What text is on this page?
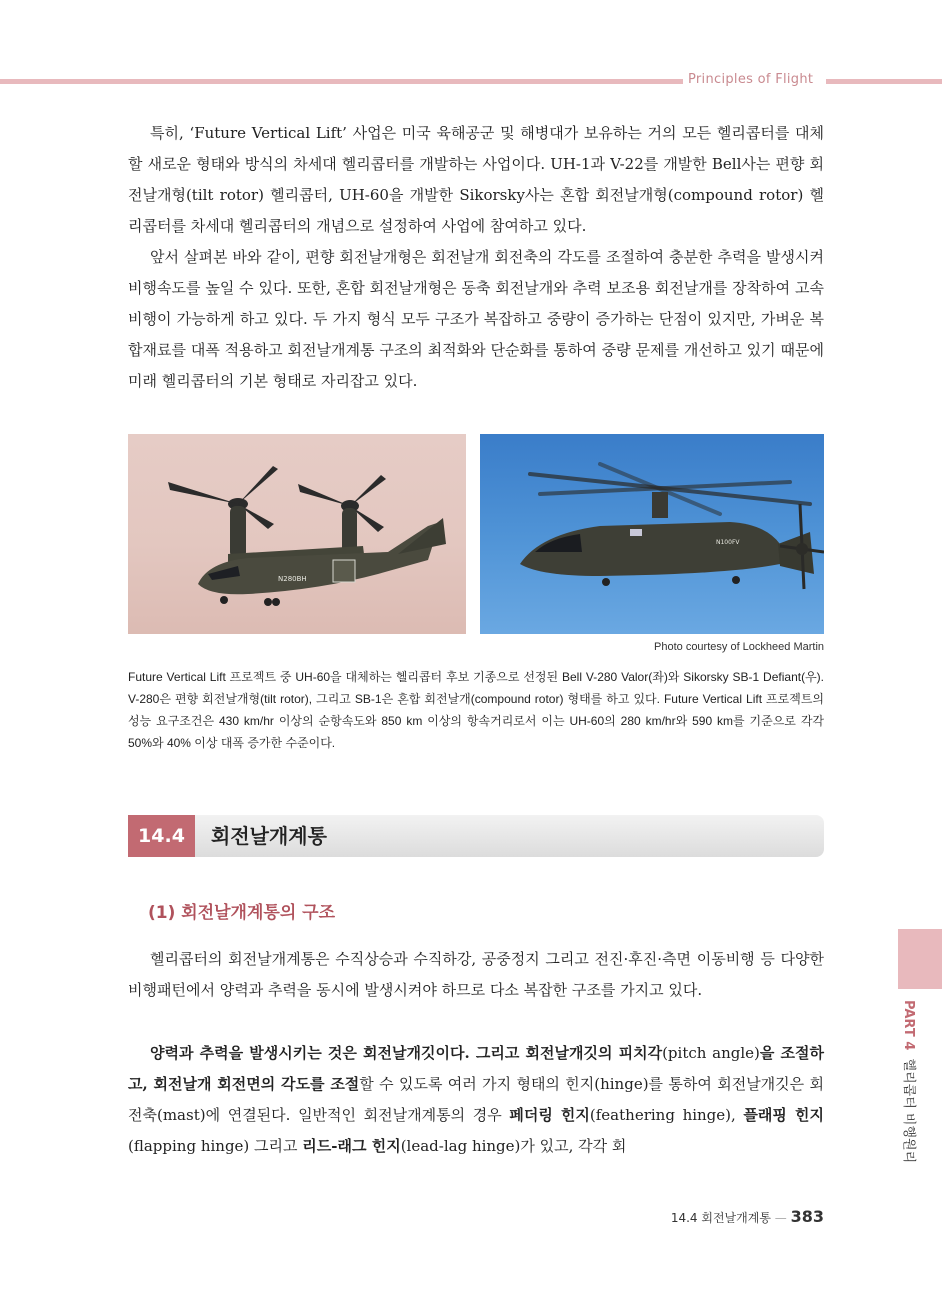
Principles of Flight

특히, ‘Future Vertical Lift’ 사업은 미국 육해공군 및 해병대가 보유하는 거의 모든 헬리콥터를 대체할 새로운 형태와 방식의 차세대 헬리콥터를 개발하는 사업이다. UH-1과 V-22를 개발한 Bell사는 편향 회전날개형(tilt rotor) 헬리콥터, UH-60을 개발한 Sikorsky사는 혼합 회전날개형(compound rotor) 헬리콥터를 차세대 헬리콥터의 개념으로 설정하여 사업에 참여하고 있다.

앞서 살펴본 바와 같이, 편향 회전날개형은 회전날개 회전축의 각도를 조절하여 충분한 추력을 발생시켜 비행속도를 높일 수 있다. 또한, 혼합 회전날개형은 동축 회전날개와 추력 보조용 회전날개를 장착하여 고속비행이 가능하게 하고 있다. 두 가지 형식 모두 구조가 복잡하고 중량이 증가하는 단점이 있지만, 가벼운 복합재료를 대폭 적용하고 회전날개계통 구조의 최적화와 단순화를 통하여 중량 문제를 개선하고 있기 때문에 미래 헬리콥터의 기본 형태로 자리잡고 있다.

N280BH
N100FV
Photo courtesy of Lockheed Martin

Future Vertical Lift 프로젝트 중 UH-60을 대체하는 헬리콥터 후보 기종으로 선정된 Bell V-280 Valor(좌)와 Sikorsky SB-1 Defiant(우). V-280은 편향 회전날개형(tilt rotor), 그리고 SB-1은 혼합 회전날개(compound rotor) 형태를 하고 있다. Future Vertical Lift 프로젝트의 성능 요구조건은 430 km/hr 이상의 순항속도와 850 km 이상의 항속거리로서 이는 UH-60의 280 km/hr와 590 km를 기준으로 각각 50%와 40% 이상 대폭 증가한 수준이다.

14.4	회전날개계통
(1) 회전날개계통의 구조

헬리콥터의 회전날개계통은 수직상승과 수직하강, 공중정지 그리고 전진·후진·측면 이동비행 등 다양한 비행패턴에서 양력과 추력을 동시에 발생시켜야 하므로 다소 복잡한 구조를 가지고 있다.

양력과 추력을 발생시키는 것은 회전날개깃이다. 그리고 회전날개깃의 피치각(pitch angle)을 조절하고, 회전날개 회전면의 각도를 조절할 수 있도록 여러 가지 형태의 힌지(hinge)를 통하여 회전날개깃은 회전축(mast)에 연결된다. 일반적인 회전날개계통의 경우 페더링 힌지(feathering hinge), 플래핑 힌지(flapping hinge) 그리고 리드-래그 힌지(lead-lag hinge)가 있고, 각각 회

PART 4  헬리콥터 비행원리
14.4 회전날개계통 — 383
